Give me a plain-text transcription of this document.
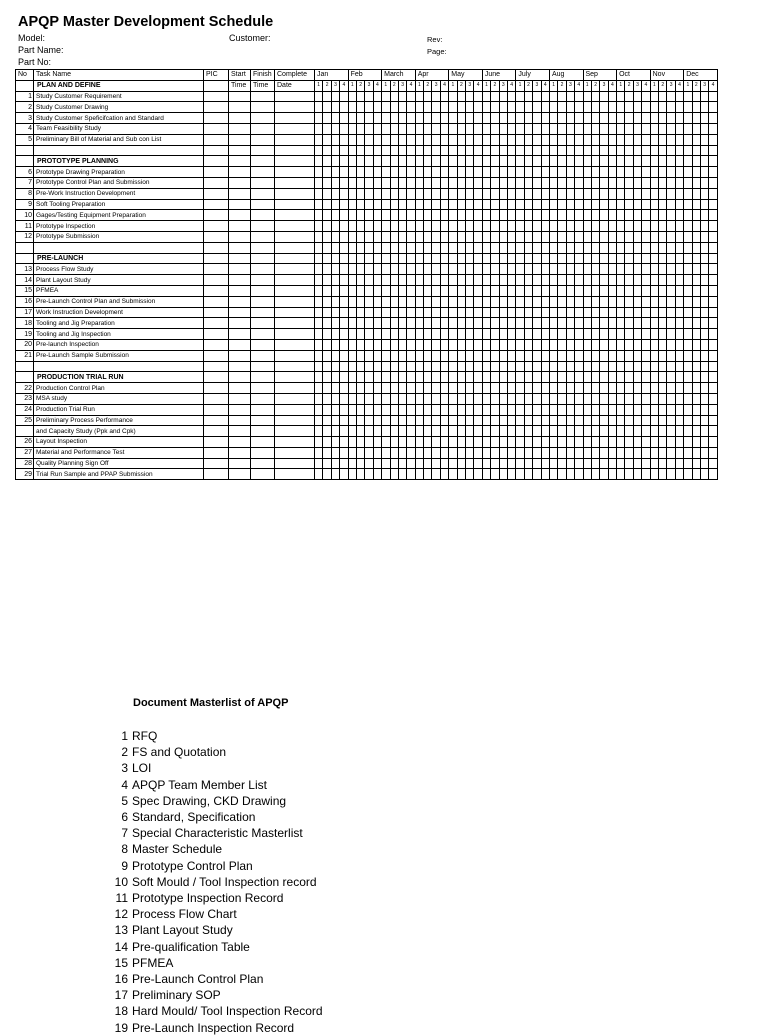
APQP Master Development Schedule
Model:	Customer:	Rev:
Part Name:	Page:
Part No:
No	Task Name	PIC	Start	Finish	Complete	Jan				Feb				March				Apr				May				June				July				Aug				Sep				Oct				Nov				Dec			
	PLAN AND DEFINE		Time	Time	Date	1	2	3	4	1	2	3	4	1	2	3	4	1	2	3	4	1	2	3	4	1	2	3	4	1	2	3	4	1	2	3	4	1	2	3	4	1	2	3	4	1	2	3	4	1	2	3	4
1	Study Customer Requirement																																																				
2	Study Customer Drawing																																																				
3	Study Customer Speficifcation and Standard																																																				
4	Team Feasibility Study																																																				
5	Preliminary Bill of Material and Sub con List																																																				

	PROTOTYPE PLANNING																																																				
6	Prototype Drawing Preparation																																																				
7	Prototype Control Plan and Submission																																																				
8	Pre-Work Instruction Development																																																				
9	Soft Tooling Preparation																																																				
10	Gages/Testing Equipment Preparation																																																				
11	Prototype Inspection																																																				
12	Prototype Submission																																																				

	PRE-LAUNCH																																																				
13	Process Flow Study																																																				
14	Plant Layout Study																																																				
15	PFMEA																																																				
16	Pre-Launch Control Plan and Submission																																																				
17	Work Instruction Development																																																				
18	Tooling and Jig Preparation																																																				
19	Tooling and Jig Inspection																																																				
20	Pre-launch Inspection																																																				
21	Pre-Launch Sample Submission																																																				

	PRODUCTION TRIAL RUN																																																				
22	Production Control Plan																																																				
23	MSA study																																																				
24	Production Trial Run																																																				
25	Preliminary Process Performance																																																				
	and Capacity Study (Ppk and Cpk)																																																				
26	Layout Inspection																																																				
27	Material and Performance Test																																																				
28	Quality Planning Sign Off																																																				
29	Trial Run Sample and PPAP Submission																																																				
Document Masterlist of APQP
1 RFQ
2 FS and Quotation
3 LOI
4 APQP Team Member List
5 Spec Drawing, CKD Drawing
6 Standard, Specification
7 Special Characteristic Masterlist
8 Master Schedule
9 Prototype Control Plan
10 Soft Mould / Tool Inspection record
11 Prototype Inspection Record
12 Process Flow Chart
13 Plant Layout Study
14 Pre-qualification Table
15 PFMEA
16 Pre-Launch Control Plan
17 Preliminary SOP
18 Hard Mould/ Tool Inspection Record
19 Pre-Launch Inspection Record
